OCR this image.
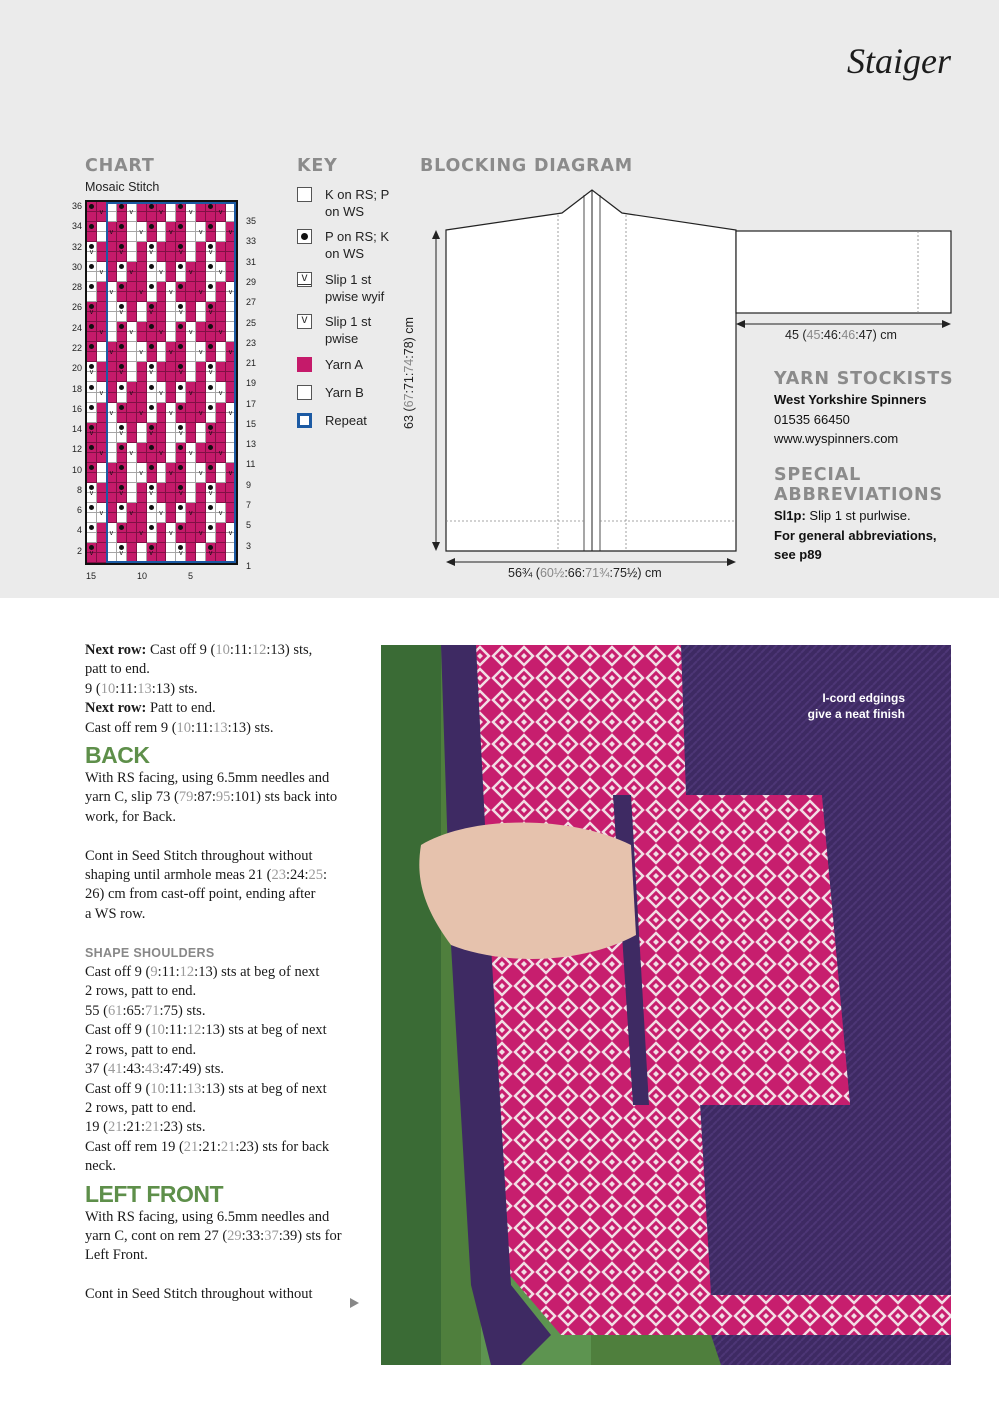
Staiger
CHART
Mosaic Stitch
36
34
32
30
28
26
24
22
20
18
16
14
12
10
8
6
4
2
35
33
31
29
27
25
23
21
19
17
15
13
11
9
7
5
3
1
v
v
v
v
v
v
v
v
v
v
v
v
v
v
v
v
v
v
v
v
v
v
v
v
v
v
v
v
v
v
v
v
v
v
v
v
v
v
v
v
v
v
v
v
v
v
v
v
v
v
v
v
v
v
v
v
v
v
v
v
v
v
v
v
v
v
v
v
v
v
v
v
v
v
v
v
v
v
v
v
v
v
v
v
v
v
v
v
v
v
15	10	5
KEY
K on RS; P on WS
P on RS; K on WS
v
Slip 1 st pwise wyif
v
Slip 1 st pwise
Yarn A
Yarn B
Repeat
BLOCKING DIAGRAM
45 (45:46:46:47) cm
56¾ (60½:66:71¾:75½) cm
63 (67:71:74:78) cm
YARN STOCKISTS
West Yorkshire Spinners
01535 66450
www.wyspinners.com
SPECIAL
ABBREVIATIONS
Sl1p: Slip 1 st purlwise.
For general abbreviations,
see p89

Next row: Cast off 9 (10:11:12:13) sts,

patt to end.

9 (10:11:13:13) sts.

Next row: Patt to end.

Cast off rem 9 (10:11:13:13) sts.

BACK

With RS facing, using 6.5mm needles and

yarn C, slip 73 (79:87:95:101) sts back into

work, for Back.

Cont in Seed Stitch throughout without

shaping until armhole meas 21 (23:24:25:

26) cm from cast-off point, ending after

a WS row.

SHAPE SHOULDERS

Cast off 9 (9:11:12:13) sts at beg of next

2 rows, patt to end.

55 (61:65:71:75) sts.

Cast off 9 (10:11:12:13) sts at beg of next

2 rows, patt to end.

37 (41:43:43:47:49) sts.

Cast off 9 (10:11:13:13) sts at beg of next

2 rows, patt to end.

19 (21:21:21:23) sts.

Cast off rem 19 (21:21:21:23) sts for back

neck.

LEFT FRONT

With RS facing, using 6.5mm needles and

yarn C, cont on rem 27 (29:33:37:39) sts for

Left Front.

Cont in Seed Stitch throughout without

I-cord edgings
give a neat finish
